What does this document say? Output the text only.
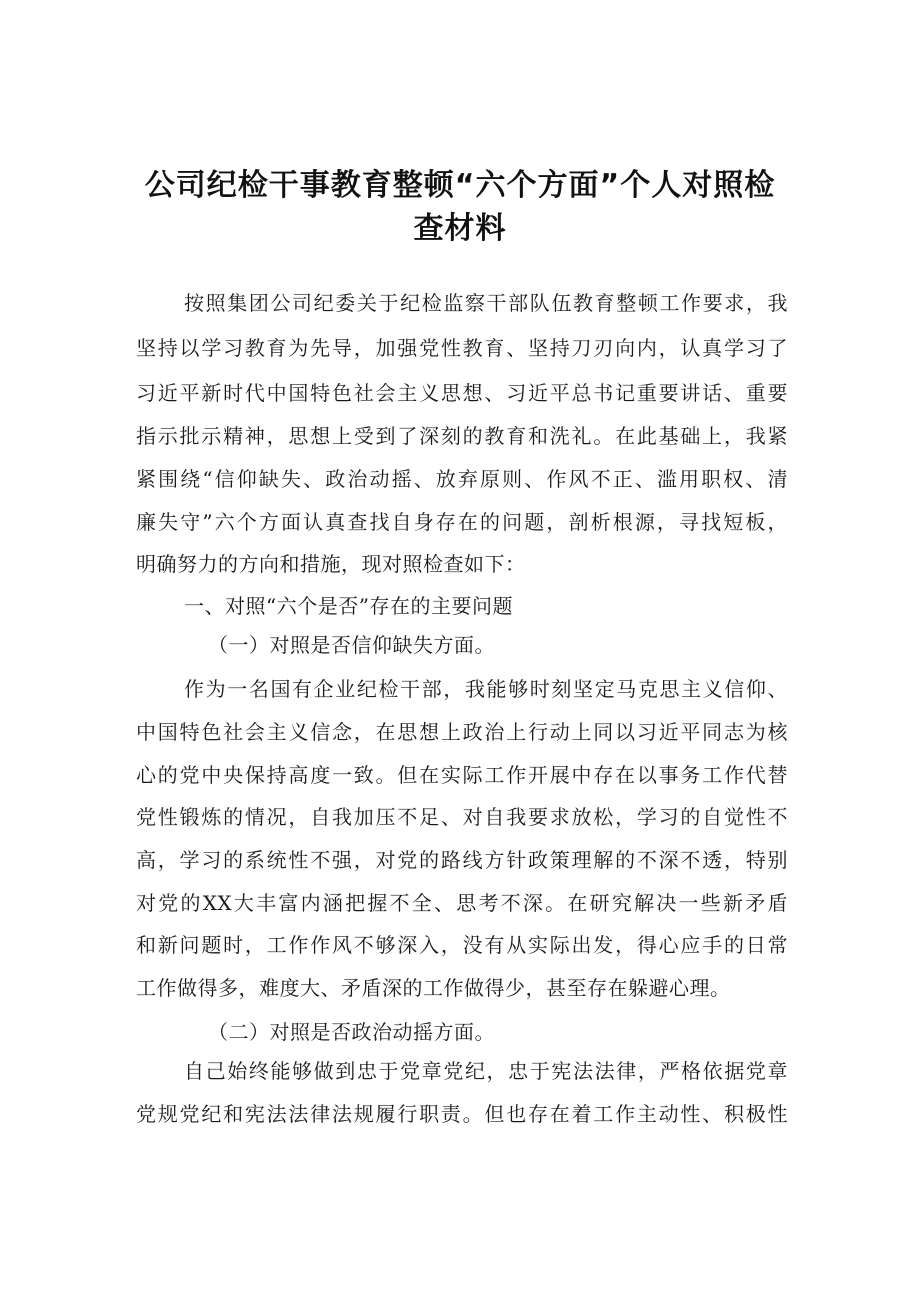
公司纪检干事教育整顿“六个方面”个人对照检
查材料
按照集团公司纪委关于纪检监察干部队伍教育整顿工作要求，我
坚持以学习教育为先导，加强党性教育、坚持刀刃向内，认真学习了
习近平新时代中国特色社会主义思想、习近平总书记重要讲话、重要
指示批示精神，思想上受到了深刻的教育和洗礼。在此基础上，我紧
紧围绕“信仰缺失、政治动摇、放弃原则、作风不正、滥用职权、清
廉失守”六个方面认真查找自身存在的问题，剖析根源，寻找短板，
明确努力的方向和措施，现对照检查如下：
一、对照“六个是否”存在的主要问题
（一）对照是否信仰缺失方面。
作为一名国有企业纪检干部，我能够时刻坚定马克思主义信仰、
中国特色社会主义信念，在思想上政治上行动上同以习近平同志为核
心的党中央保持高度一致。但在实际工作开展中存在以事务工作代替
党性锻炼的情况，自我加压不足、对自我要求放松，学习的自觉性不
高，学习的系统性不强，对党的路线方针政策理解的不深不透，特别
对党的XX大丰富内涵把握不全、思考不深。在研究解决一些新矛盾
和新问题时，工作作风不够深入，没有从实际出发，得心应手的日常
工作做得多，难度大、矛盾深的工作做得少，甚至存在躲避心理。
（二）对照是否政治动摇方面。
自己始终能够做到忠于党章党纪，忠于宪法法律，严格依据党章
党规党纪和宪法法律法规履行职责。但也存在着工作主动性、积极性
